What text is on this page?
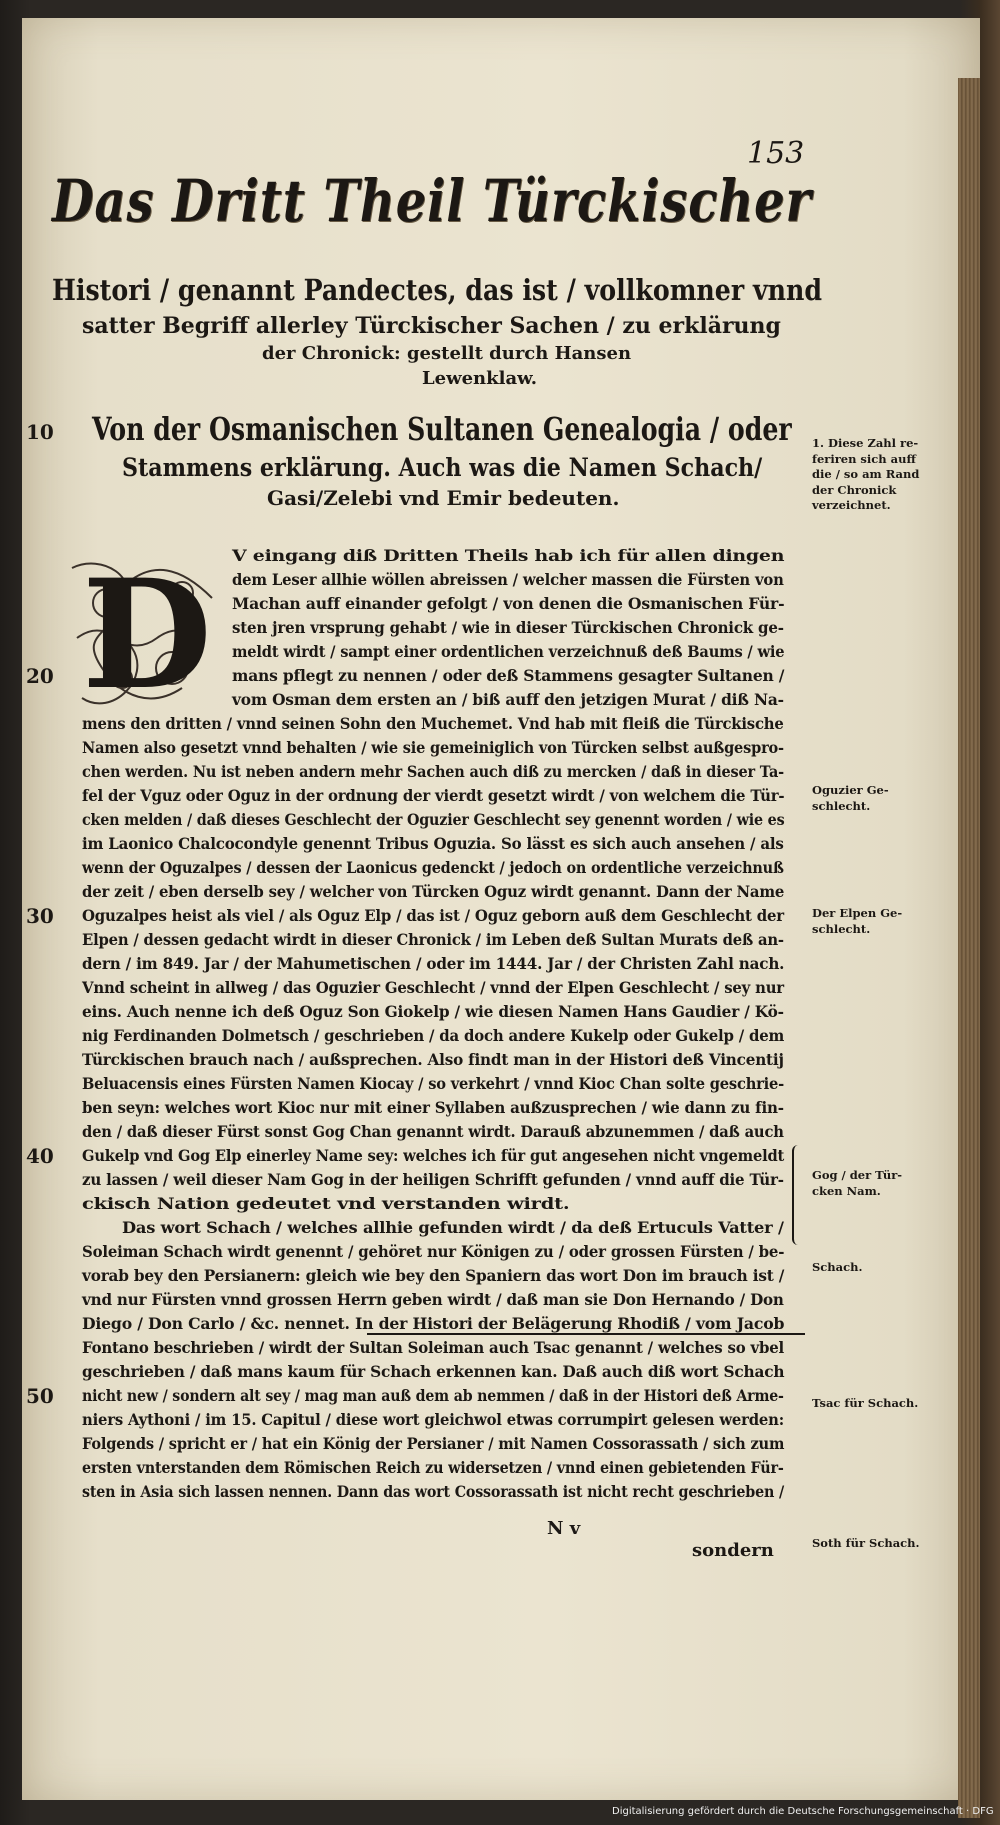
153
Das Dritt Theil Türckischer
Histori / genannt Pandectes, das ist / vollkomner vnnd
satter Begriff allerley Türckischer Sachen / zu erklärung
der Chronick: gestellt durch Hansen
Lewenklaw.
10 Von der Osmanischen Sultanen Genealogia / oder
Stammens erklärung. Auch was die Namen Schach/
Gasi/Zelebi vnd Emir bedeuten.
D	V eingang diß Dritten Theils hab ich für allen dingen

dem Leser allhie wöllen abreissen / welcher massen die Fürsten von

Machan auff einander gefolgt / von denen die Osmanischen Für-

sten jren vrsprung gehabt / wie in dieser Türckischen Chronick ge-

meldt wirdt / sampt einer ordentlichen verzeichnuß deß Baums / wie

mans pflegt zu nennen / oder deß Stammens gesagter Sultanen /

vom Osman dem ersten an / biß auff den jetzigen Murat / diß Na-

mens den dritten / vnnd seinen Sohn den Muchemet. Vnd hab mit fleiß die Türckische

Namen also gesetzt vnnd behalten / wie sie gemeiniglich von Türcken selbst außgespro-

chen werden. Nu ist neben andern mehr Sachen auch diß zu mercken / daß in dieser Ta-

fel der Vguz oder Oguz in der ordnung der vierdt gesetzt wirdt / von welchem die Tür-

cken melden / daß dieses Geschlecht der Oguzier Geschlecht sey genennt worden / wie es

im Laonico Chalcocondyle genennt Tribus Oguzia. So lässt es sich auch ansehen / als

wenn der Oguzalpes / dessen der Laonicus gedenckt / jedoch on ordentliche verzeichnuß

der zeit / eben derselb sey / welcher von Türcken Oguz wirdt genannt. Dann der Name

Oguzalpes heist als viel / als Oguz Elp / das ist / Oguz geborn auß dem Geschlecht der

Elpen / dessen gedacht wirdt in dieser Chronick / im Leben deß Sultan Murats deß an-

dern / im 849. Jar / der Mahumetischen / oder im 1444. Jar / der Christen Zahl nach.

Vnnd scheint in allweg / das Oguzier Geschlecht / vnnd der Elpen Geschlecht / sey nur

eins. Auch nenne ich deß Oguz Son Giokelp / wie diesen Namen Hans Gaudier / Kö-

nig Ferdinanden Dolmetsch / geschrieben / da doch andere Kukelp oder Gukelp / dem

Türckischen brauch nach / außsprechen. Also findt man in der Histori deß Vincentij

Beluacensis eines Fürsten Namen Kiocay / so verkehrt / vnnd Kioc Chan solte geschrie-

ben seyn: welches wort Kioc nur mit einer Syllaben außzusprechen / wie dann zu fin-

den / daß dieser Fürst sonst Gog Chan genannt wirdt. Darauß abzunemmen / daß auch

Gukelp vnd Gog Elp einerley Name sey: welches ich für gut angesehen nicht vngemeldt

zu lassen / weil dieser Nam Gog in der heiligen Schrifft gefunden / vnnd auff die Tür-

ckisch Nation gedeutet vnd verstanden wirdt.

Das wort Schach / welches allhie gefunden wirdt / da deß Ertuculs Vatter /

Soleiman Schach wirdt genennt / gehöret nur Königen zu / oder grossen Fürsten / be-

vorab bey den Persianern: gleich wie bey den Spaniern das wort Don im brauch ist /

vnd nur Fürsten vnnd grossen Herrn geben wirdt / daß man sie Don Hernando / Don

Diego / Don Carlo / &c. nennet. In der Histori der Belägerung Rhodiß / vom Jacob

Fontano beschrieben / wirdt der Sultan Soleiman auch Tsac genannt / welches so vbel

geschrieben / daß mans kaum für Schach erkennen kan. Daß auch diß wort Schach

nicht new / sondern alt sey / mag man auß dem ab nemmen / daß in der Histori deß Arme-

niers Aythoni / im 15. Capitul / diese wort gleichwol etwas corrumpirt gelesen werden:

Folgends / spricht er / hat ein König der Persianer / mit Namen Cossorassath / sich zum

ersten vnterstanden dem Römischen Reich zu widersetzen / vnnd einen gebietenden Für-

sten in Asia sich lassen nennen. Dann das wort Cossorassath ist nicht recht geschrieben /

20
30
40
50
1. Diese Zahl re-feriren sich auff die / so am Rand der Chronick verzeichnet.
Oguzier Ge-schlecht.
Der Elpen Ge-schlecht.
Gog / der Tür-cken Nam.
Schach.
Tsac für Schach.
Soth für Schach.
N v
sondern
Digitalisierung gefördert durch die Deutsche Forschungsgemeinschaft · DFG
